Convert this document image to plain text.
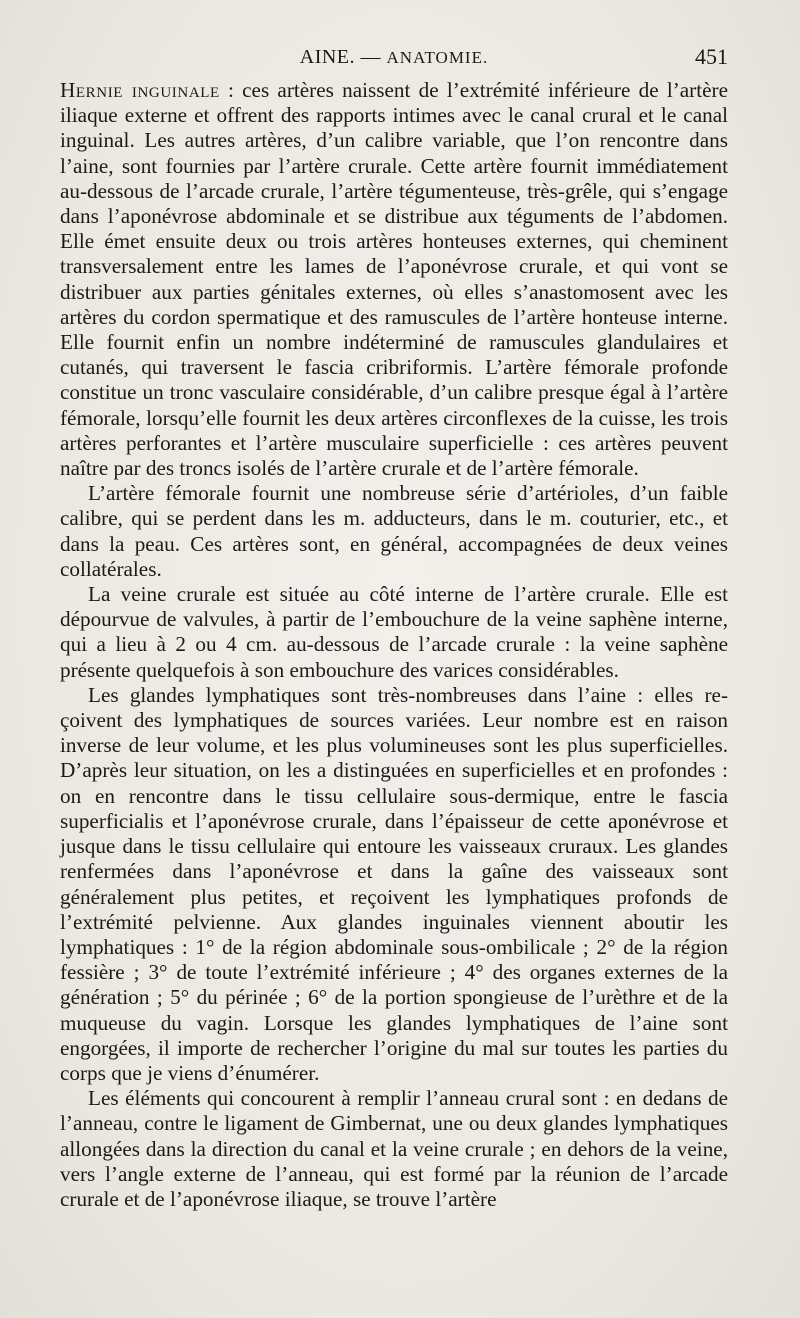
AINE. — ANATOMIE.	451

Hernie inguinale : ces artères naissent de l’extrémité inférieure de l’artère iliaque externe et offrent des rapports intimes avec le canal crural et le canal inguinal. Les autres artères, d’un calibre variable, que l’on rencontre dans l’aine, sont fournies par l’artère crurale. Cette artère fournit immédiatement au-dessous de l’arcade crurale, l’artère tégumenteuse, très-grêle, qui s’engage dans l’aponévrose abdominale et se distribue aux téguments de l’abdomen. Elle émet ensuite deux ou trois artères honteuses externes, qui cheminent transversalement entre les lames de l’aponévrose crurale, et qui vont se distribuer aux parties génitales externes, où elles s’anastomosent avec les artères du cordon spermatique et des ramuscules de l’artère honteuse interne. Elle fournit enfin un nombre indéterminé de ramuscules glandulaires et cutanés, qui traversent le fascia cribriformis. L’artère fémorale profonde constitue un tronc vasculaire considérable, d’un calibre presque égal à l’artère fémorale, lorsqu’elle fournit les deux artères circonflexes de la cuisse, les trois artères perforantes et l’artère musculaire superficielle : ces artères peuvent naître par des troncs isolés de l’artère crurale et de l’artère fémorale.

L’artère fémorale fournit une nombreuse série d’artérioles, d’un faible calibre, qui se perdent dans les m. adducteurs, dans le m. couturier, etc., et dans la peau. Ces artères sont, en général, accompagnées de deux veines collatérales.

La veine crurale est située au côté interne de l’artère crurale. Elle est dépourvue de valvules, à partir de l’embouchure de la veine saphène interne, qui a lieu à 2 ou 4 cm. au-dessous de l’arcade crurale : la veine saphène présente quelquefois à son embouchure des varices considérables.

Les glandes lymphatiques sont très-nombreuses dans l’aine : elles reçoivent des lymphatiques de sources variées. Leur nombre est en raison inverse de leur volume, et les plus volumineuses sont les plus superficielles. D’après leur situation, on les a distinguées en superficielles et en profondes : on en rencontre dans le tissu cellulaire sous-dermique, entre le fascia superficialis et l’aponévrose crurale, dans l’épaisseur de cette aponévrose et jusque dans le tissu cellulaire qui entoure les vaisseaux cruraux. Les glandes renfermées dans l’aponévrose et dans la gaîne des vaisseaux sont généralement plus petites, et reçoivent les lymphatiques profonds de l’extrémité pelvienne. Aux glandes inguinales viennent aboutir les lymphatiques : 1° de la région abdominale sous-ombilicale ; 2° de la région fessière ; 3° de toute l’extrémité inférieure ; 4° des organes externes de la génération ; 5° du périnée ; 6° de la portion spongieuse de l’urèthre et de la muqueuse du vagin. Lorsque les glandes lymphatiques de l’aine sont engorgées, il importe de rechercher l’origine du mal sur toutes les parties du corps que je viens d’énumérer.

Les éléments qui concourent à remplir l’anneau crural sont : en dedans de l’anneau, contre le ligament de Gimbernat, une ou deux glandes lymphatiques allongées dans la direction du canal et la veine crurale ; en dehors de la veine, vers l’angle externe de l’anneau, qui est formé par la réunion de l’arcade crurale et de l’aponévrose iliaque, se trouve l’artère
